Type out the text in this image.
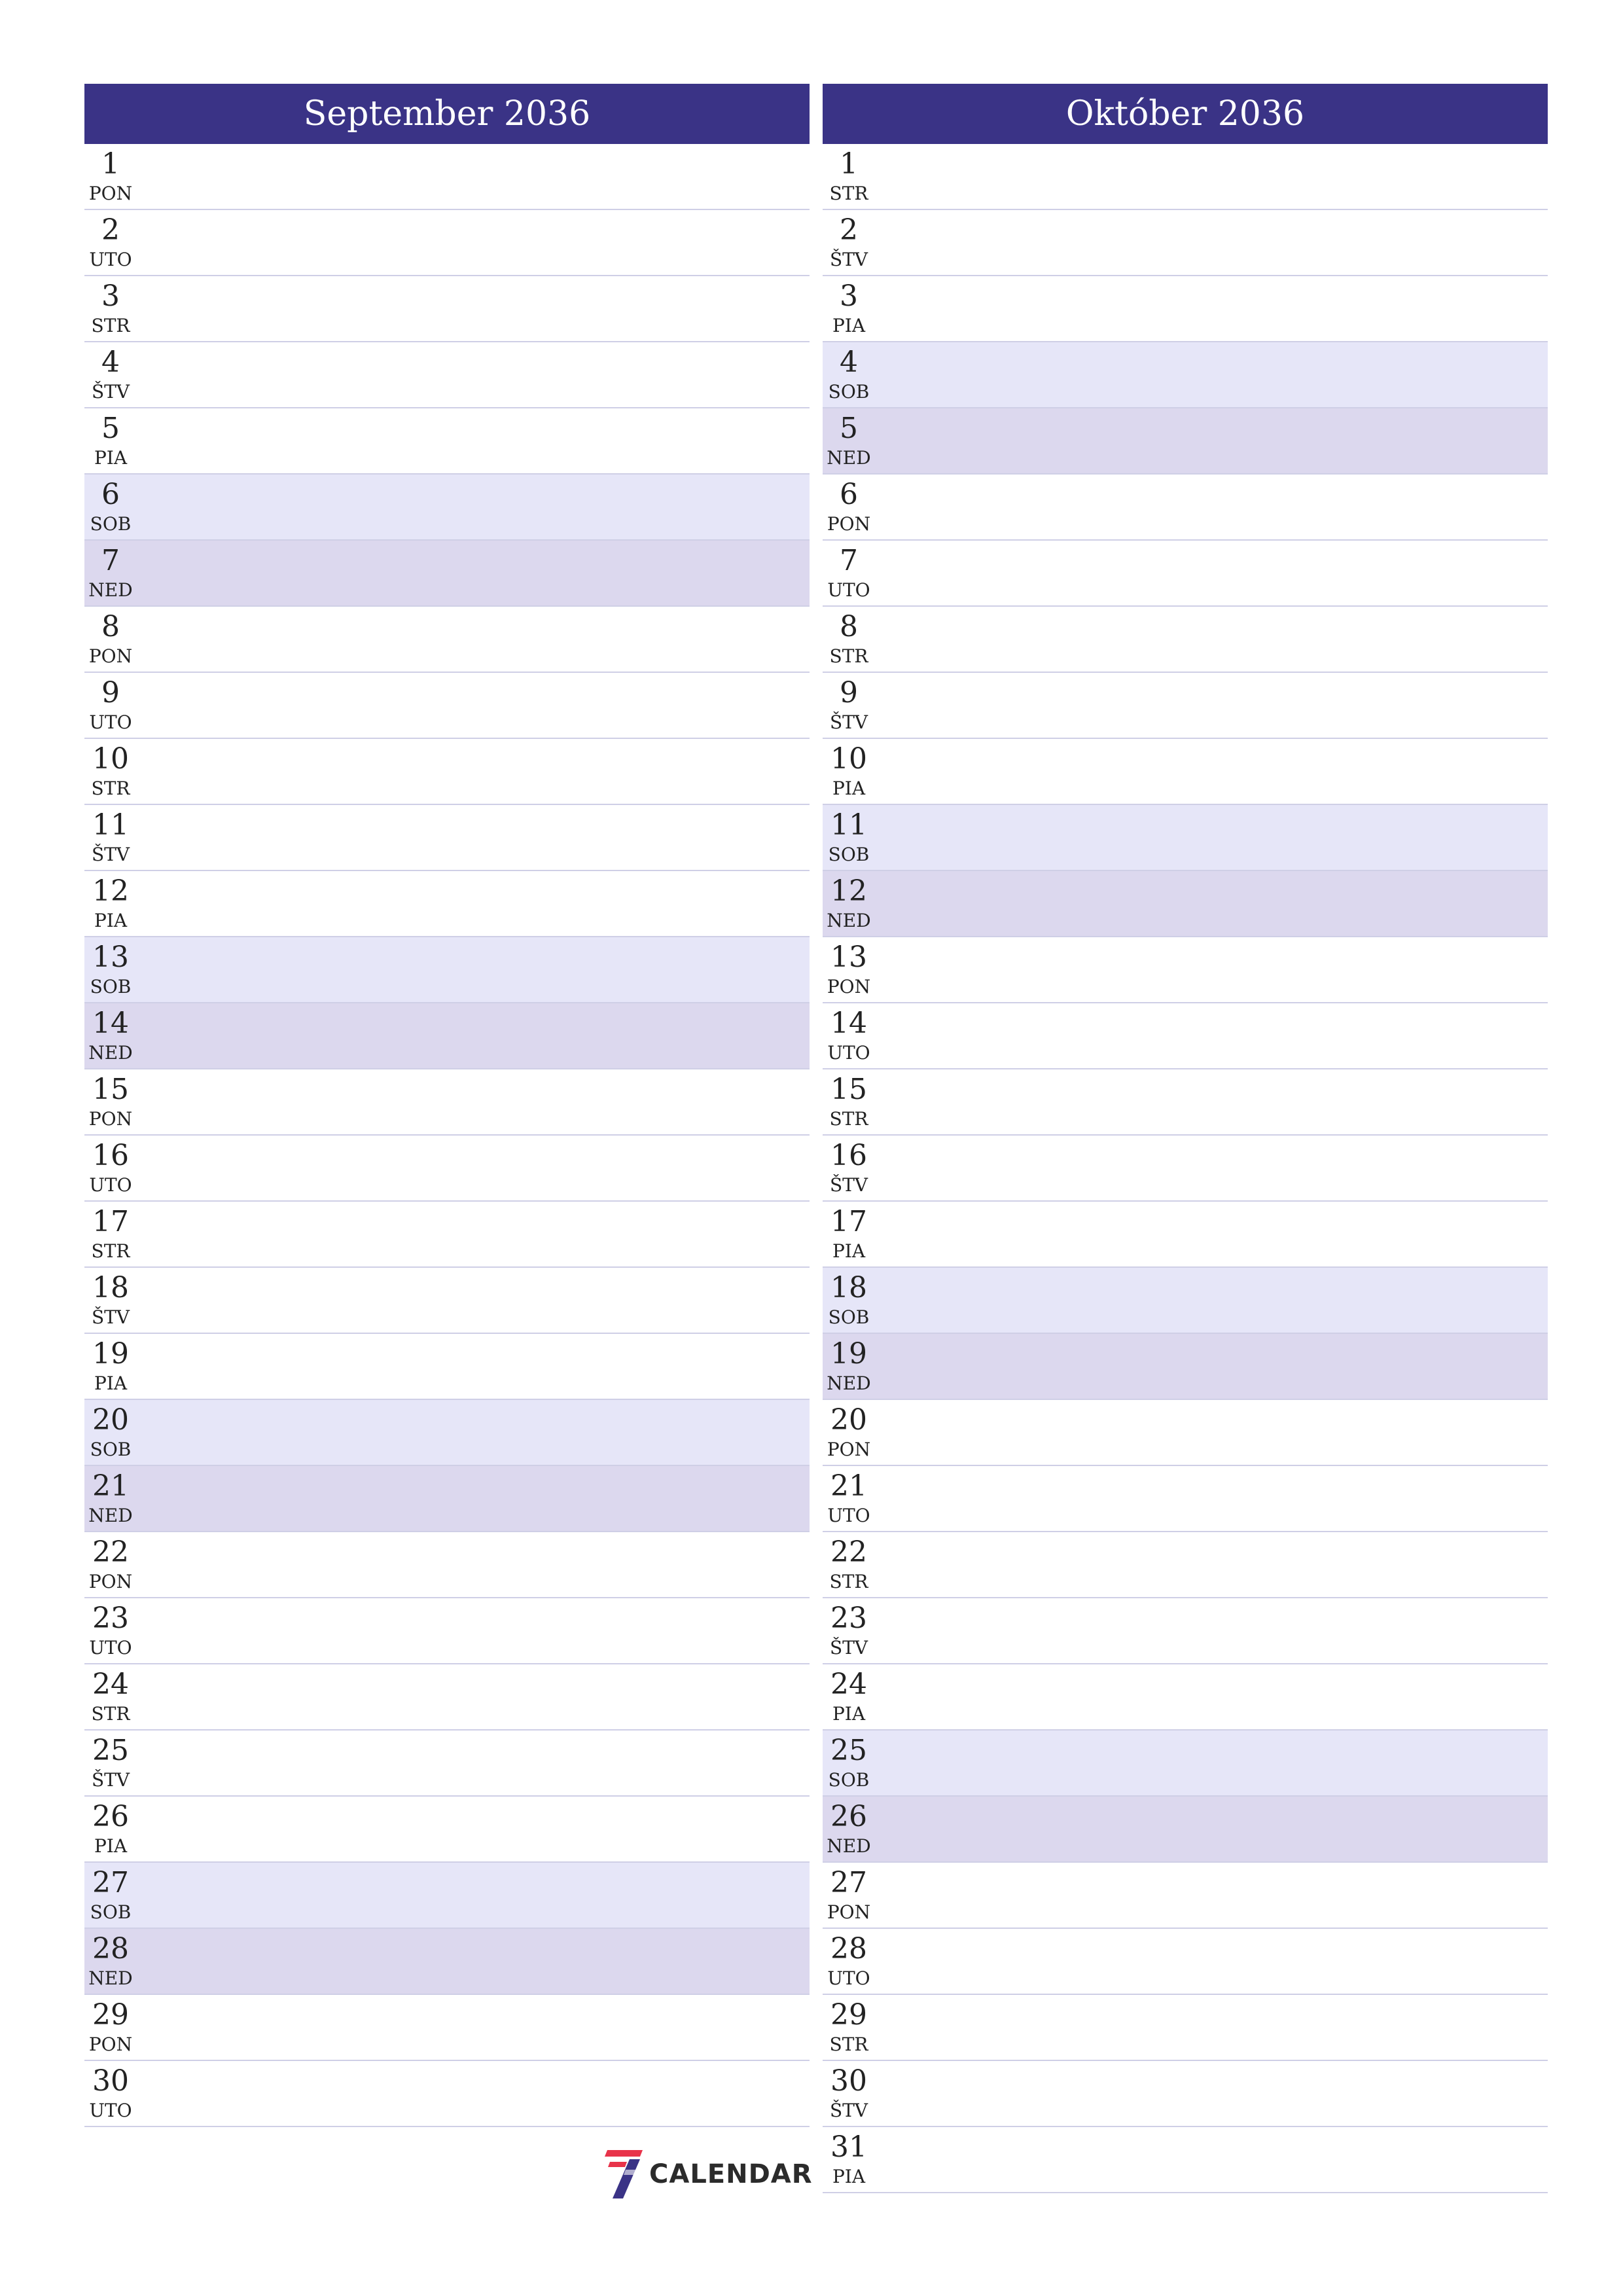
September 2036
1
PON
2
UTO
3
STR
4
ŠTV
5
PIA
6
SOB
7
NED
8
PON
9
UTO
10
STR
11
ŠTV
12
PIA
13
SOB
14
NED
15
PON
16
UTO
17
STR
18
ŠTV
19
PIA
20
SOB
21
NED
22
PON
23
UTO
24
STR
25
ŠTV
26
PIA
27
SOB
28
NED
29
PON
30
UTO
Október 2036
1
STR
2
ŠTV
3
PIA
4
SOB
5
NED
6
PON
7
UTO
8
STR
9
ŠTV
10
PIA
11
SOB
12
NED
13
PON
14
UTO
15
STR
16
ŠTV
17
PIA
18
SOB
19
NED
20
PON
21
UTO
22
STR
23
ŠTV
24
PIA
25
SOB
26
NED
27
PON
28
UTO
29
STR
30
ŠTV
31
PIA
CALENDAR
